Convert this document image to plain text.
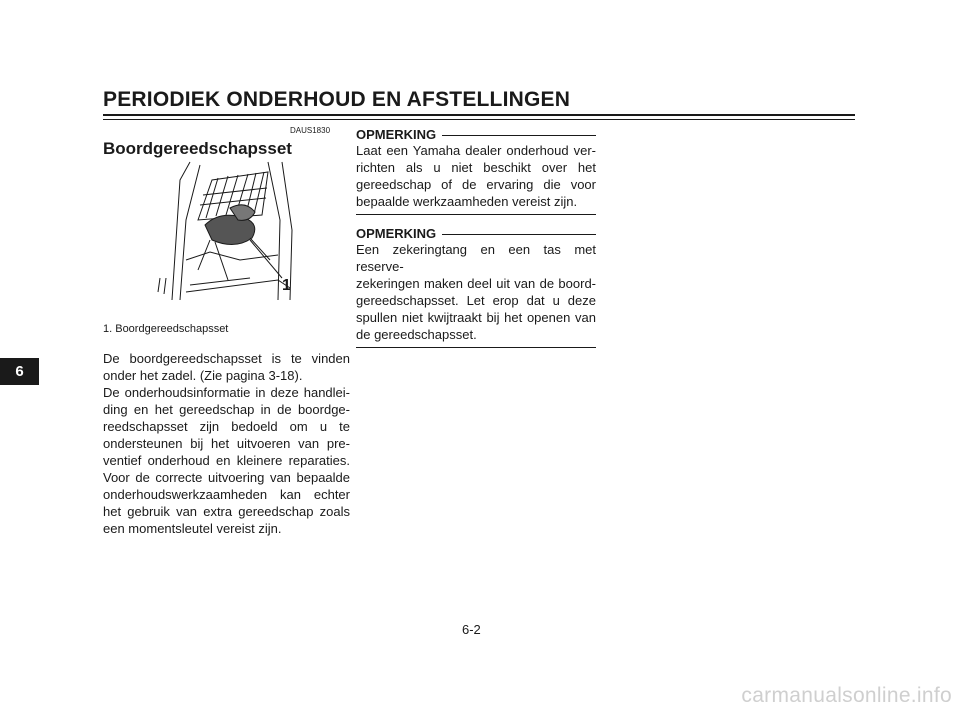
PERIODIEK ONDERHOUD EN AFSTELLINGEN
6
DAUS1830
Boordgereedschapsset
1
1. Boordgereedschapsset

De boordgereedschapsset is te vinden

onder het zadel. (Zie pagina 3-18).

De onderhoudsinformatie in deze handlei-

ding en het gereedschap in de boordge-

reedschapsset zijn bedoeld om u te

ondersteunen bij het uitvoeren van pre-

ventief onderhoud en kleinere reparaties.

Voor de correcte uitvoering van bepaalde

onderhoudswerkzaamheden kan echter

het gebruik van extra gereedschap zoals

een momentsleutel vereist zijn.

OPMERKING

Laat een Yamaha dealer onderhoud ver-

richten als u niet beschikt over het

gereedschap of de ervaring die voor

bepaalde werkzaamheden vereist zijn.

OPMERKING

Een zekeringtang en een tas met reserve-

zekeringen maken deel uit van de boord-

gereedschapsset. Let erop dat u deze

spullen niet kwijtraakt bij het openen van

de gereedschapsset.

6-2
carmanualsonline.info
